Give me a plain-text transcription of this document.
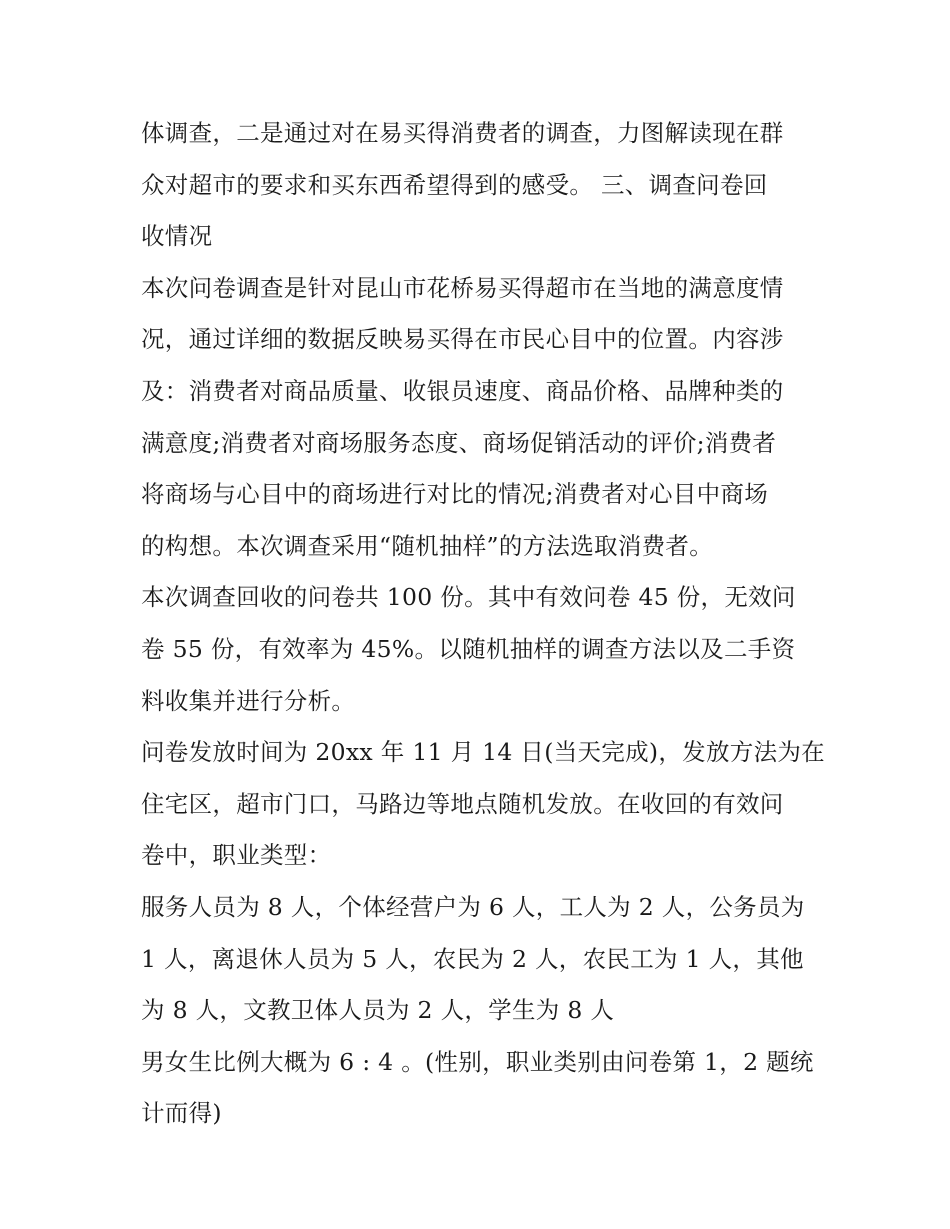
体调查，二是通过对在易买得消费者的调查，力图解读现在群
众对超市的要求和买东西希望得到的感受。 三、调查问卷回
收情况
本次问卷调查是针对昆山市花桥易买得超市在当地的满意度情
况，通过详细的数据反映易买得在市民心目中的位置。内容涉
及：消费者对商品质量、收银员速度、商品价格、品牌种类的
满意度;消费者对商场服务态度、商场促销活动的评价;消费者
将商场与心目中的商场进行对比的情况;消费者对心目中商场
的构想。本次调查采用“随机抽样”的方法选取消费者。
本次调查回收的问卷共 100 份。其中有效问卷 45 份，无效问
卷 55 份，有效率为 45%。以随机抽样的调查方法以及二手资
料收集并进行分析。
问卷发放时间为 20xx 年 11 月 14 日(当天完成)，发放方法为在
住宅区，超市门口，马路边等地点随机发放。在收回的有效问
卷中，职业类型：
服务人员为 8 人，个体经营户为 6 人，工人为 2 人，公务员为
1 人，离退休人员为 5 人，农民为 2 人，农民工为 1 人，其他
为 8 人，文教卫体人员为 2 人，学生为 8 人
男女生比例大概为 6 : 4 。(性别，职业类别由问卷第 1，2 题统
计而得)
